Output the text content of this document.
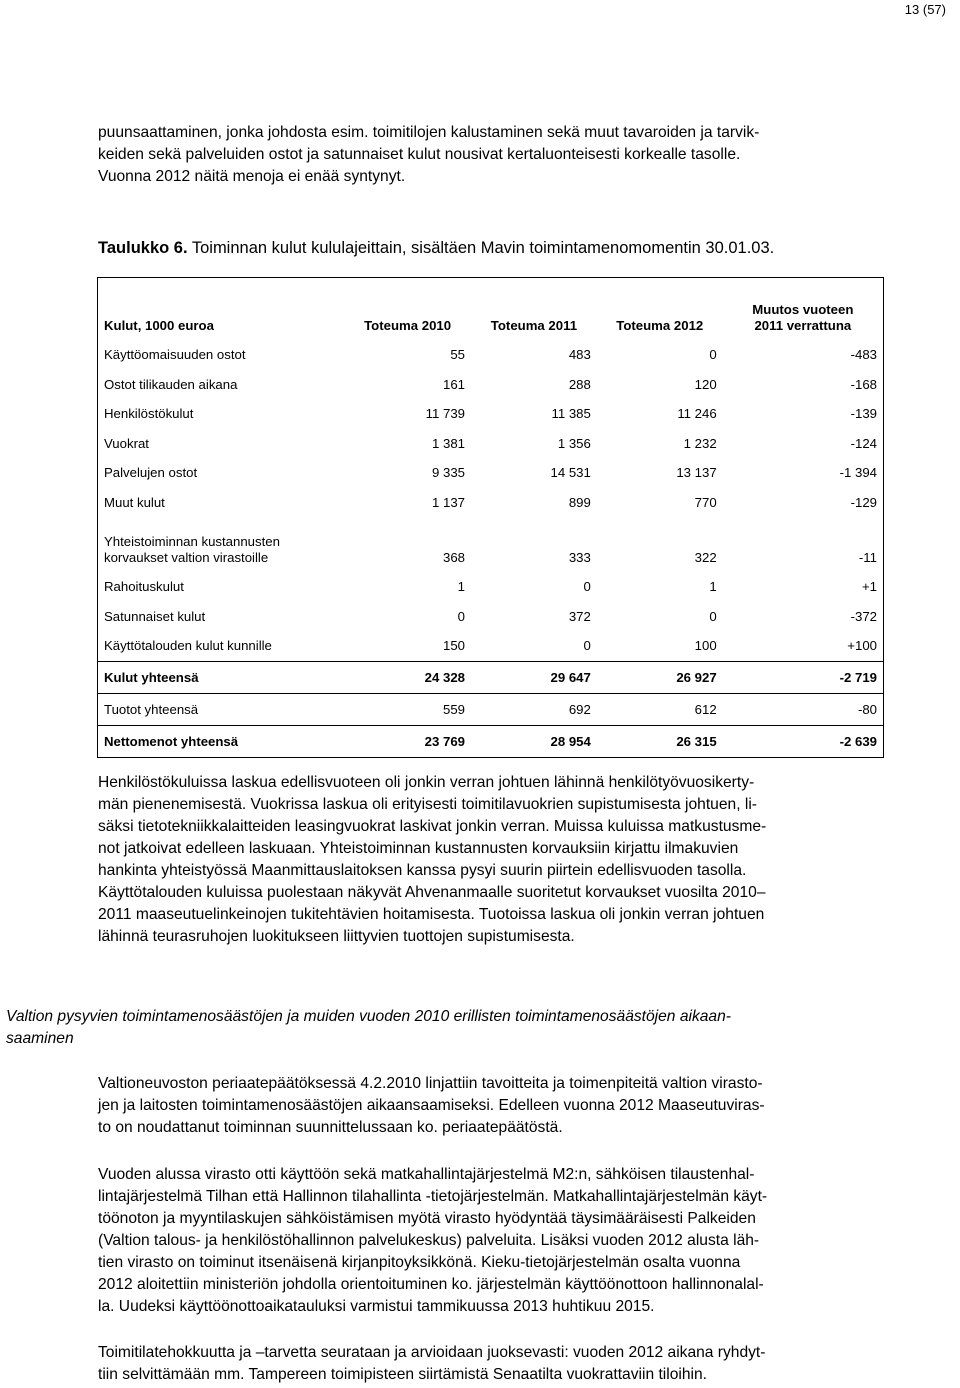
13 (57)

puunsaattaminen, jonka johdosta esim. toimitilojen kalustaminen sekä muut tavaroiden ja tarvik-
keiden sekä palveluiden ostot ja satunnaiset kulut nousivat kertaluonteisesti korkealle tasolle.
Vuonna 2012 näitä menoja ei enää syntynyt.

Taulukko 6. Toiminnan kulut kululajeittain, sisältäen Mavin toimintamenomomentin 30.01.03.
Kulut, 1000 euroa	Toteuma 2010	Toteuma 2011	Toteuma 2012	Muutos vuoteen
2011 verrattuna
Käyttöomaisuuden ostot	55	483	0	-483
Ostot tilikauden aikana	161	288	120	-168
Henkilöstökulut	11 739	11 385	11 246	-139
Vuokrat	1 381	1 356	1 232	-124
Palvelujen ostot	9 335	14 531	13 137	-1 394
Muut kulut	1 137	899	770	-129
Yhteistoiminnan kustannusten
korvaukset valtion virastoille	368	333	322	-11
Rahoituskulut	1	0	1	+1
Satunnaiset kulut	0	372	0	-372
Käyttötalouden kulut kunnille	150	0	100	+100
Kulut yhteensä	24 328	29 647	26 927	-2 719
Tuotot yhteensä	559	692	612	-80
Nettomenot yhteensä	23 769	28 954	26 315	-2 639

Henkilöstökuluissa laskua edellisvuoteen oli jonkin verran johtuen lähinnä henkilötyövuosikerty-
män pienenemisestä. Vuokrissa laskua oli erityisesti toimitilavuokrien supistumisesta johtuen, li-
säksi tietotekniikkalaitteiden leasingvuokrat laskivat jonkin verran. Muissa kuluissa matkustusme-
not jatkoivat edelleen laskuaan. Yhteistoiminnan kustannusten korvauksiin kirjattu ilmakuvien
hankinta yhteistyössä Maanmittauslaitoksen kanssa pysyi suurin piirtein edellisvuoden tasolla.
Käyttötalouden kuluissa puolestaan näkyvät Ahvenanmaalle suoritetut korvaukset vuosilta 2010–
2011 maaseutuelinkeinojen tukitehtävien hoitamisesta. Tuotoissa laskua oli jonkin verran johtuen
lähinnä teurasruhojen luokitukseen liittyvien tuottojen supistumisesta.

Valtion pysyvien toimintamenosäästöjen ja muiden vuoden 2010 erillisten toimintamenosäästöjen aikaan-
saaminen

Valtioneuvoston periaatepäätöksessä 4.2.2010 linjattiin tavoitteita ja toimenpiteitä valtion virasto-
jen ja laitosten toimintamenosäästöjen aikaansaamiseksi. Edelleen vuonna 2012 Maaseutuviras-
to on noudattanut toiminnan suunnittelussaan ko. periaatepäätöstä.

Vuoden alussa virasto otti käyttöön sekä matkahallintajärjestelmä M2:n, sähköisen tilaustenhal-
lintajärjestelmä Tilhan että Hallinnon tilahallinta -tietojärjestelmän. Matkahallintajärjestelmän käyt-
töönoton ja myyntilaskujen sähköistämisen myötä virasto hyödyntää täysimääräisesti Palkeiden
(Valtion talous- ja henkilöstöhallinnon palvelukeskus) palveluita. Lisäksi vuoden 2012 alusta läh-
tien virasto on toiminut itsenäisenä kirjanpitoyksikkönä. Kieku-tietojärjestelmän osalta vuonna
2012 aloitettiin ministeriön johdolla orientoituminen ko. järjestelmän käyttöönottoon hallinnonalal-
la. Uudeksi käyttöönottoaikatauluksi varmistui tammikuussa 2013 huhtikuu 2015.

Toimitilatehokkuutta ja –tarvetta seurataan ja arvioidaan juoksevasti: vuoden 2012 aikana ryhdyt-
tiin selvittämään mm. Tampereen toimipisteen siirtämistä Senaatilta vuokrattaviin tiloihin.
